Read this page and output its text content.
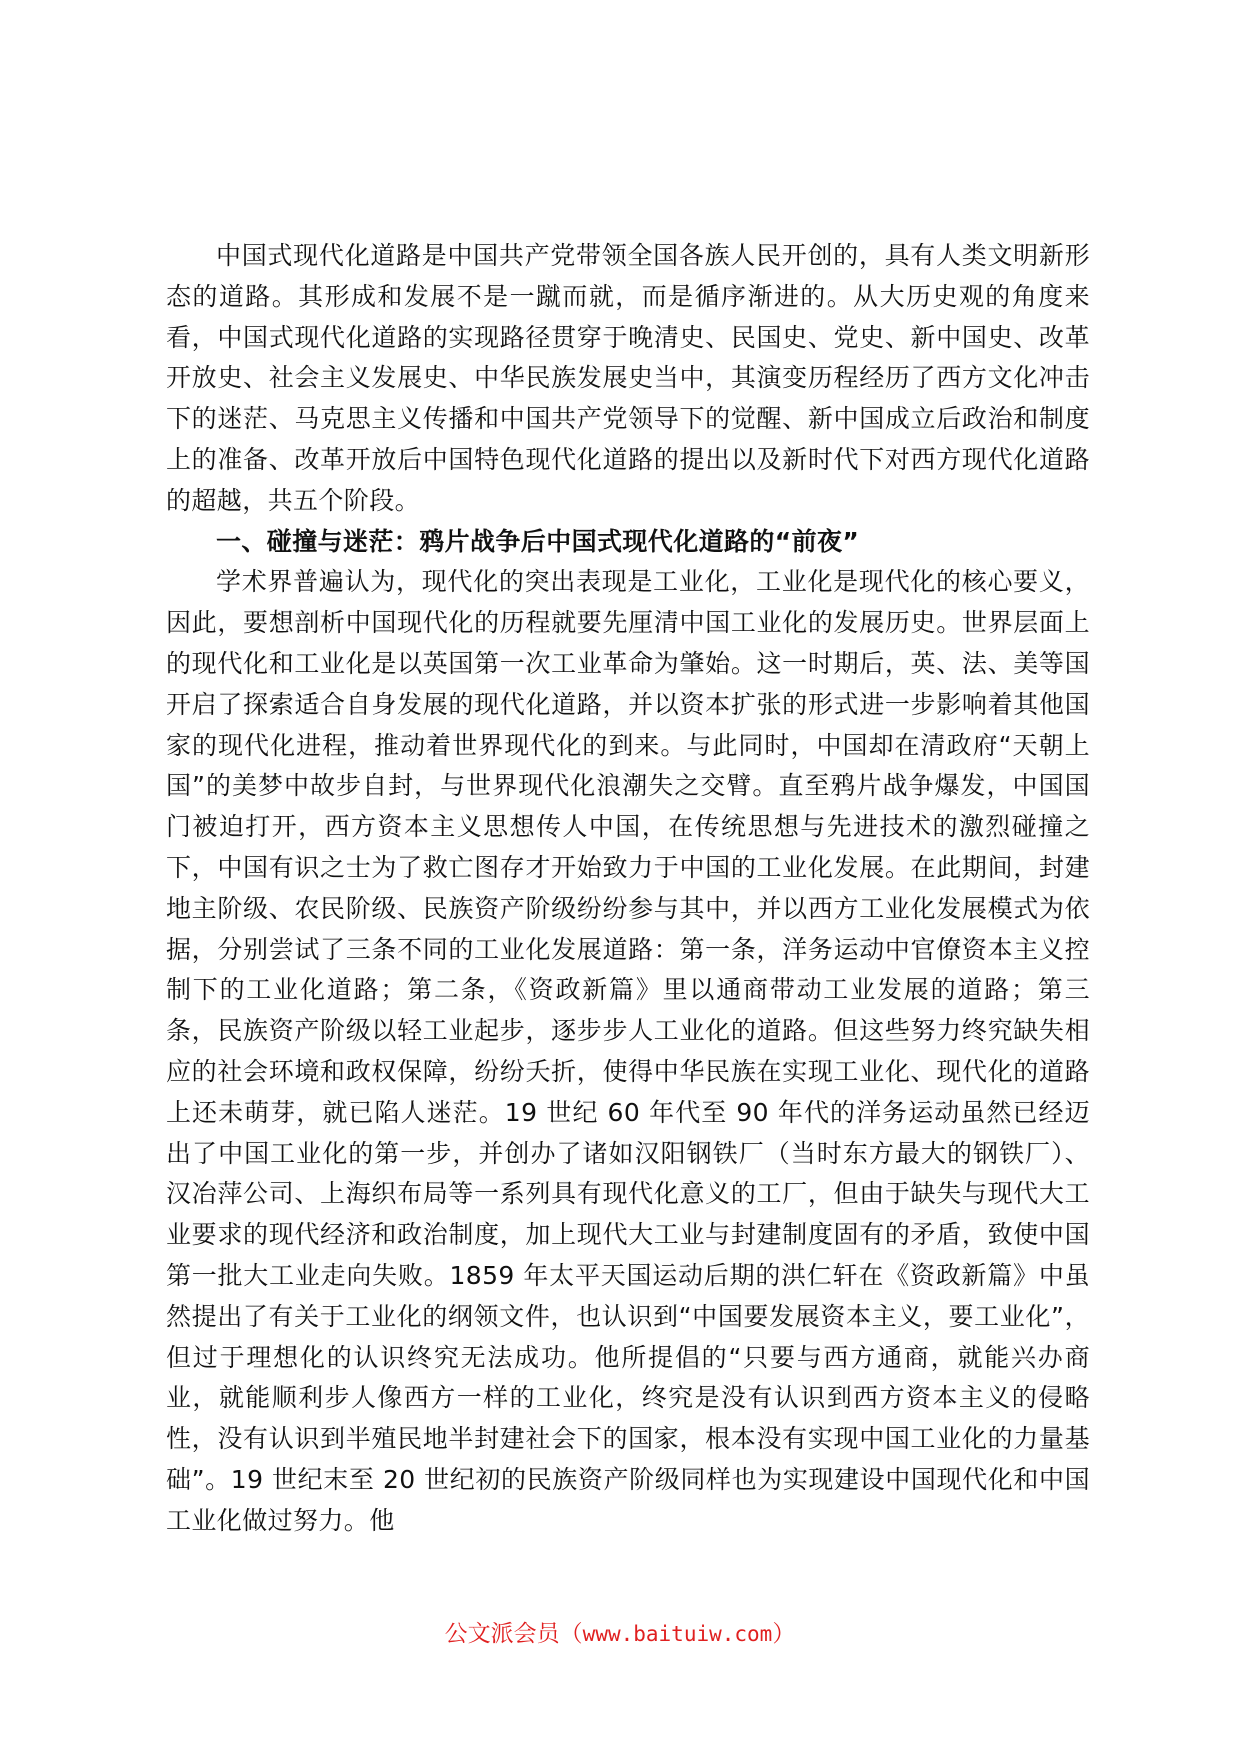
中国式现代化道路是中国共产党带领全国各族人民开创的，具有人类文明新形态的道路。其形成和发展不是一蹴而就，而是循序渐进的。从大历史观的角度来看，中国式现代化道路的实现路径贯穿于晚清史、民国史、党史、新中国史、改革开放史、社会主义发展史、中华民族发展史当中，其演变历程经历了西方文化冲击下的迷茫、马克思主义传播和中国共产党领导下的觉醒、新中国成立后政治和制度上的准备、改革开放后中国特色现代化道路的提出以及新时代下对西方现代化道路的超越，共五个阶段。

一、碰撞与迷茫：鸦片战争后中国式现代化道路的“前夜”

学术界普遍认为，现代化的突出表现是工业化，工业化是现代化的核心要义，因此，要想剖析中国现代化的历程就要先厘清中国工业化的发展历史。世界层面上的现代化和工业化是以英国第一次工业革命为肇始。这一时期后，英、法、美等国开启了探索适合自身发展的现代化道路，并以资本扩张的形式进一步影响着其他国家的现代化进程，推动着世界现代化的到来。与此同时，中国却在清政府“天朝上国”的美梦中故步自封，与世界现代化浪潮失之交臂。直至鸦片战争爆发，中国国门被迫打开，西方资本主义思想传人中国，在传统思想与先进技术的激烈碰撞之下，中国有识之士为了救亡图存才开始致力于中国的工业化发展。在此期间，封建地主阶级、农民阶级、民族资产阶级纷纷参与其中，并以西方工业化发展模式为依据，分别尝试了三条不同的工业化发展道路：第一条，洋务运动中官僚资本主义控制下的工业化道路；第二条，《资政新篇》里以通商带动工业发展的道路；第三条，民族资产阶级以轻工业起步，逐步步人工业化的道路。但这些努力终究缺失相应的社会环境和政权保障，纷纷夭折，使得中华民族在实现工业化、现代化的道路上还未萌芽，就已陷人迷茫。19 世纪 60 年代至 90 年代的洋务运动虽然已经迈出了中国工业化的第一步，并创办了诸如汉阳钢铁厂（当时东方最大的钢铁厂）、汉冶萍公司、上海织布局等一系列具有现代化意义的工厂，但由于缺失与现代大工业要求的现代经济和政治制度，加上现代大工业与封建制度固有的矛盾，致使中国第一批大工业走向失败。1859 年太平天国运动后期的洪仁轩在《资政新篇》中虽然提出了有关于工业化的纲领文件，也认识到“中国要发展资本主义，要工业化”，但过于理想化的认识终究无法成功。他所提倡的“只要与西方通商，就能兴办商业，就能顺利步人像西方一样的工业化，终究是没有认识到西方资本主义的侵略性，没有认识到半殖民地半封建社会下的国家，根本没有实现中国工业化的力量基础”。19 世纪末至 20 世纪初的民族资产阶级同样也为实现建设中国现代化和中国工业化做过努力。他

公文派会员（www.baituiw.com）
